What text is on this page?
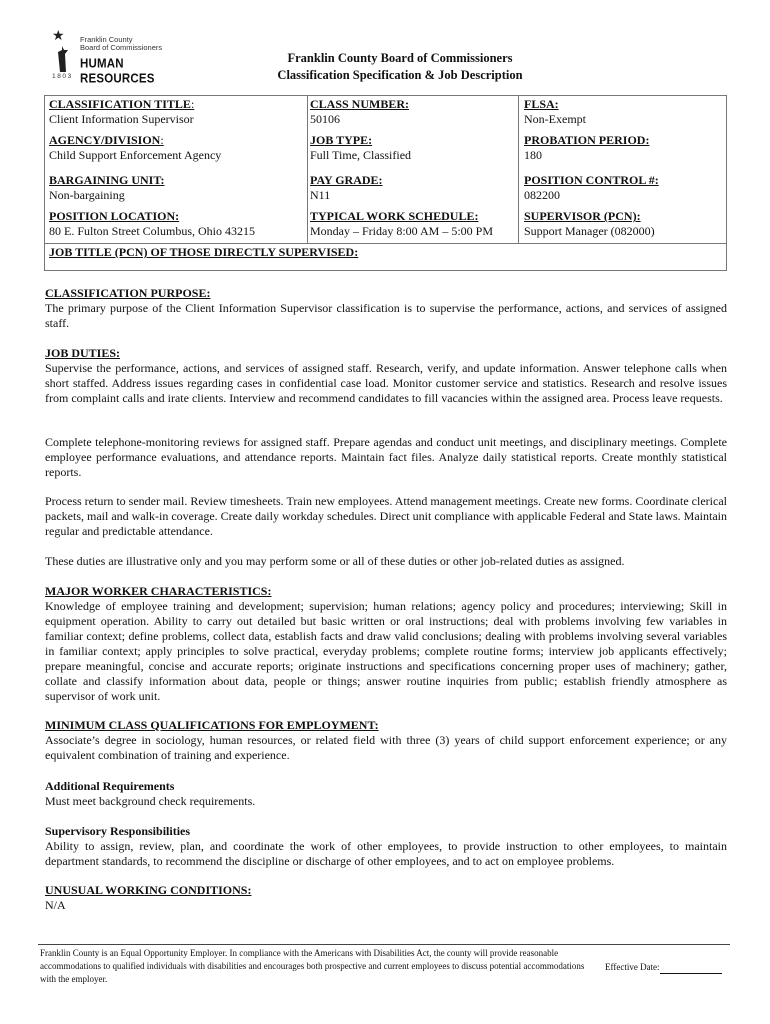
★ Franklin County
Board of Commissioners
HUMAN RESOURCES
1803
Franklin County Board of Commissioners
Classification Specification & Job Description
CLASSIFICATION TITLE:
Client Information Supervisor
CLASS NUMBER:
50106
FLSA:
Non-Exempt
AGENCY/DIVISION:
Child Support Enforcement Agency
JOB TYPE:
Full Time, Classified
PROBATION PERIOD:
180
BARGAINING UNIT:
Non-bargaining
PAY GRADE:
N11
POSITION CONTROL #:
082200
POSITION LOCATION:
80 E. Fulton Street Columbus, Ohio 43215
TYPICAL WORK SCHEDULE:
Monday – Friday 8:00 AM – 5:00 PM
SUPERVISOR (PCN):
Support Manager (082000)
JOB TITLE (PCN) OF THOSE DIRECTLY SUPERVISED:
CLASSIFICATION PURPOSE:
The primary purpose of the Client Information Supervisor classification is to supervise the performance, actions, and services of assigned staff.
JOB DUTIES:
Supervise the performance, actions, and services of assigned staff. Research, verify, and update information. Answer telephone calls when short staffed. Address issues regarding cases in confidential case load. Monitor customer service and statistics. Research and resolve issues from complaint calls and irate clients. Interview and recommend candidates to fill vacancies within the assigned area. Process leave requests.
Complete telephone-monitoring reviews for assigned staff. Prepare agendas and conduct unit meetings, and disciplinary meetings. Complete employee performance evaluations, and attendance reports. Maintain fact files. Analyze daily statistical reports. Create monthly statistical reports.
Process return to sender mail. Review timesheets. Train new employees. Attend management meetings. Create new forms. Coordinate clerical packets, mail and walk-in coverage. Create daily workday schedules. Direct unit compliance with applicable Federal and State laws. Maintain regular and predictable attendance.
These duties are illustrative only and you may perform some or all of these duties or other job-related duties as assigned.
MAJOR WORKER CHARACTERISTICS:
Knowledge of employee training and development; supervision; human relations; agency policy and procedures; interviewing; Skill in equipment operation. Ability to carry out detailed but basic written or oral instructions; deal with problems involving few variables in familiar context; define problems, collect data, establish facts and draw valid conclusions; dealing with problems involving several variables in familiar context; apply principles to solve practical, everyday problems; complete routine forms; interview job applicants effectively; prepare meaningful, concise and accurate reports; originate instructions and specifications concerning proper uses of machinery; gather, collate and classify information about data, people or things; answer routine inquiries from public; establish friendly atmosphere as supervisor of work unit.
MINIMUM CLASS QUALIFICATIONS FOR EMPLOYMENT:
Associate’s degree in sociology, human resources, or related field with three (3) years of child support enforcement experience; or any equivalent combination of training and experience.
Additional Requirements
Must meet background check requirements.
Supervisory Responsibilities
Ability to assign, review, plan, and coordinate the work of other employees, to provide instruction to other employees, to maintain department standards, to recommend the discipline or discharge of other employees, and to act on employee problems.
UNUSUAL WORKING CONDITIONS:
N/A
Franklin County is an Equal Opportunity Employer. In compliance with the Americans with Disabilities Act, the county will provide reasonable accommodations to qualified individuals with disabilities and encourages both prospective and current employees to discuss potential accommodations with the employer.
Effective Date:
